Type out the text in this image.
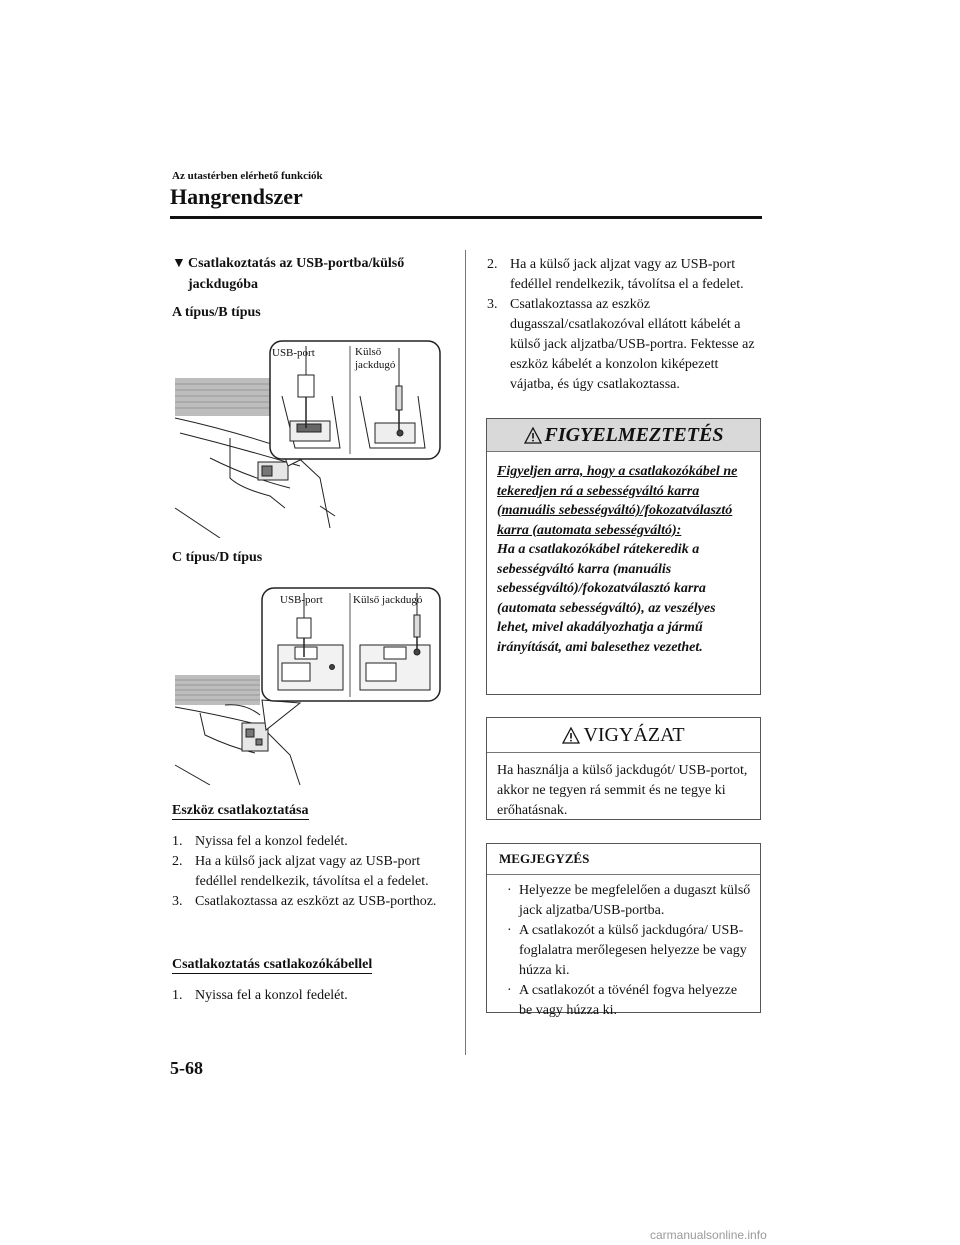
Az utastérben elérhető funkciók
Hangrendszer
▼ Csatlakoztatás az USB-portba/külső jackdugóba
A típus/B típus
USB-port	Külső
jackdugó
C típus/D típus
USB-port	Külső jackdugó
Eszköz csatlakoztatása
1. Nyissa fel a konzol fedelét.
2. Ha a külső jack aljzat vagy az USB-port fedéllel rendelkezik, távolítsa el a fedelet.
3. Csatlakoztassa az eszközt az USB-porthoz.
Csatlakoztatás csatlakozókábellel
1. Nyissa fel a konzol fedelét.
2. Ha a külső jack aljzat vagy az USB-port fedéllel rendelkezik, távolítsa el a fedelet.
3. Csatlakoztassa az eszköz dugasszal/csatlakozóval ellátott kábelét a külső jack aljzatba/USB-portra. Fektesse az eszköz kábelét a konzolon kiképezett vájatba, és úgy csatlakoztassa.
FIGYELMEZTETÉS
Figyeljen arra, hogy a csatlakozókábel ne tekeredjen rá a sebességváltó karra (manuális sebességváltó)/fokozatválasztó karra (automata sebességváltó):
Ha a csatlakozókábel rátekeredik a sebességváltó karra (manuális sebességváltó)/fokozatválasztó karra (automata sebességváltó), az veszélyes lehet, mivel akadályozhatja a jármű irányítását, ami balesethez vezethet.
VIGYÁZAT
Ha használja a külső jackdugót/ USB-portot, akkor ne tegyen rá semmit és ne tegye ki erőhatásnak.
MEGJEGYZÉS
· Helyezze be megfelelően a dugaszt külső jack aljzatba/USB-portba.
· A csatlakozót a külső jackdugóra/ USB-foglalatra merőlegesen helyezze be vagy húzza ki.
· A csatlakozót a tövénél fogva helyezze be vagy húzza ki.
5-68
carmanualsonline.info
